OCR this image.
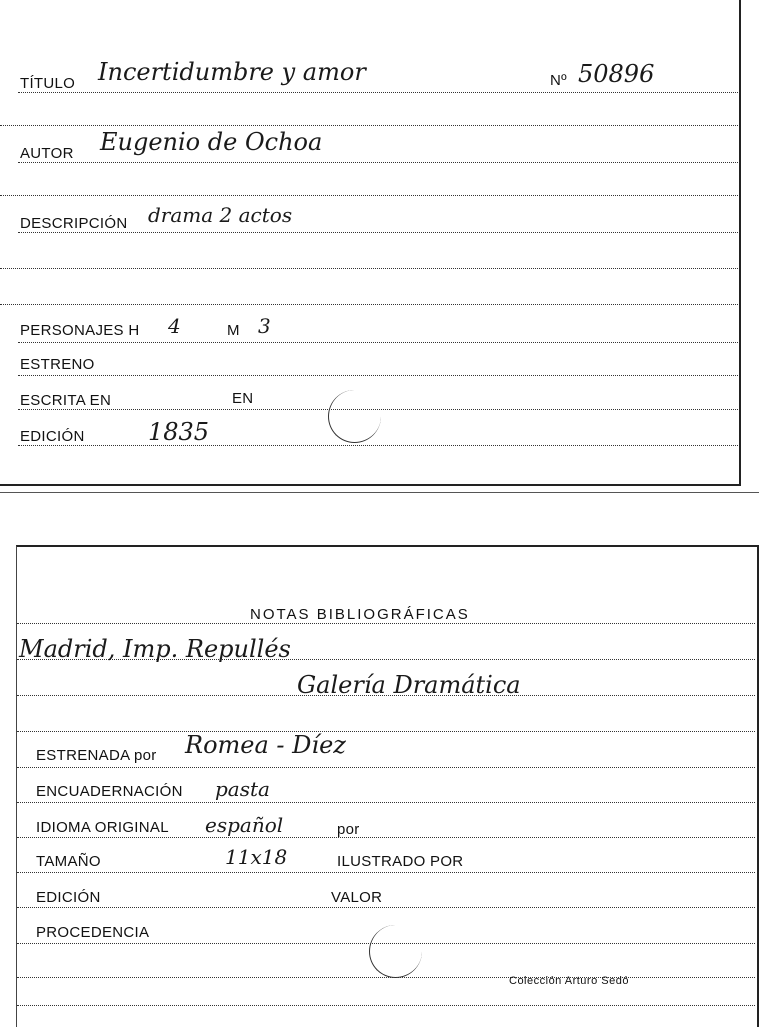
TÍTULO Incertidumbre y amor	Nº 50896
AUTOR Eugenio de Ochoa
DESCRIPCIÓN drama 2 actos
PERSONAJES H 4	M 3
ESTRENO
ESCRITA EN	EN
EDICIÓN	1835
NOTAS BIBLIOGRÁFICAS
Madrid, Imp. Repullés
Galería Dramática
ESTRENADA por Romea - Díez
ENCUADERNACIÓN pasta
IDIOMA ORIGINAL español	por
TAMAÑO	11x18	ILUSTRADO POR
EDICIÓN	VALOR
PROCEDENCIA
Colección Arturo Sedó
